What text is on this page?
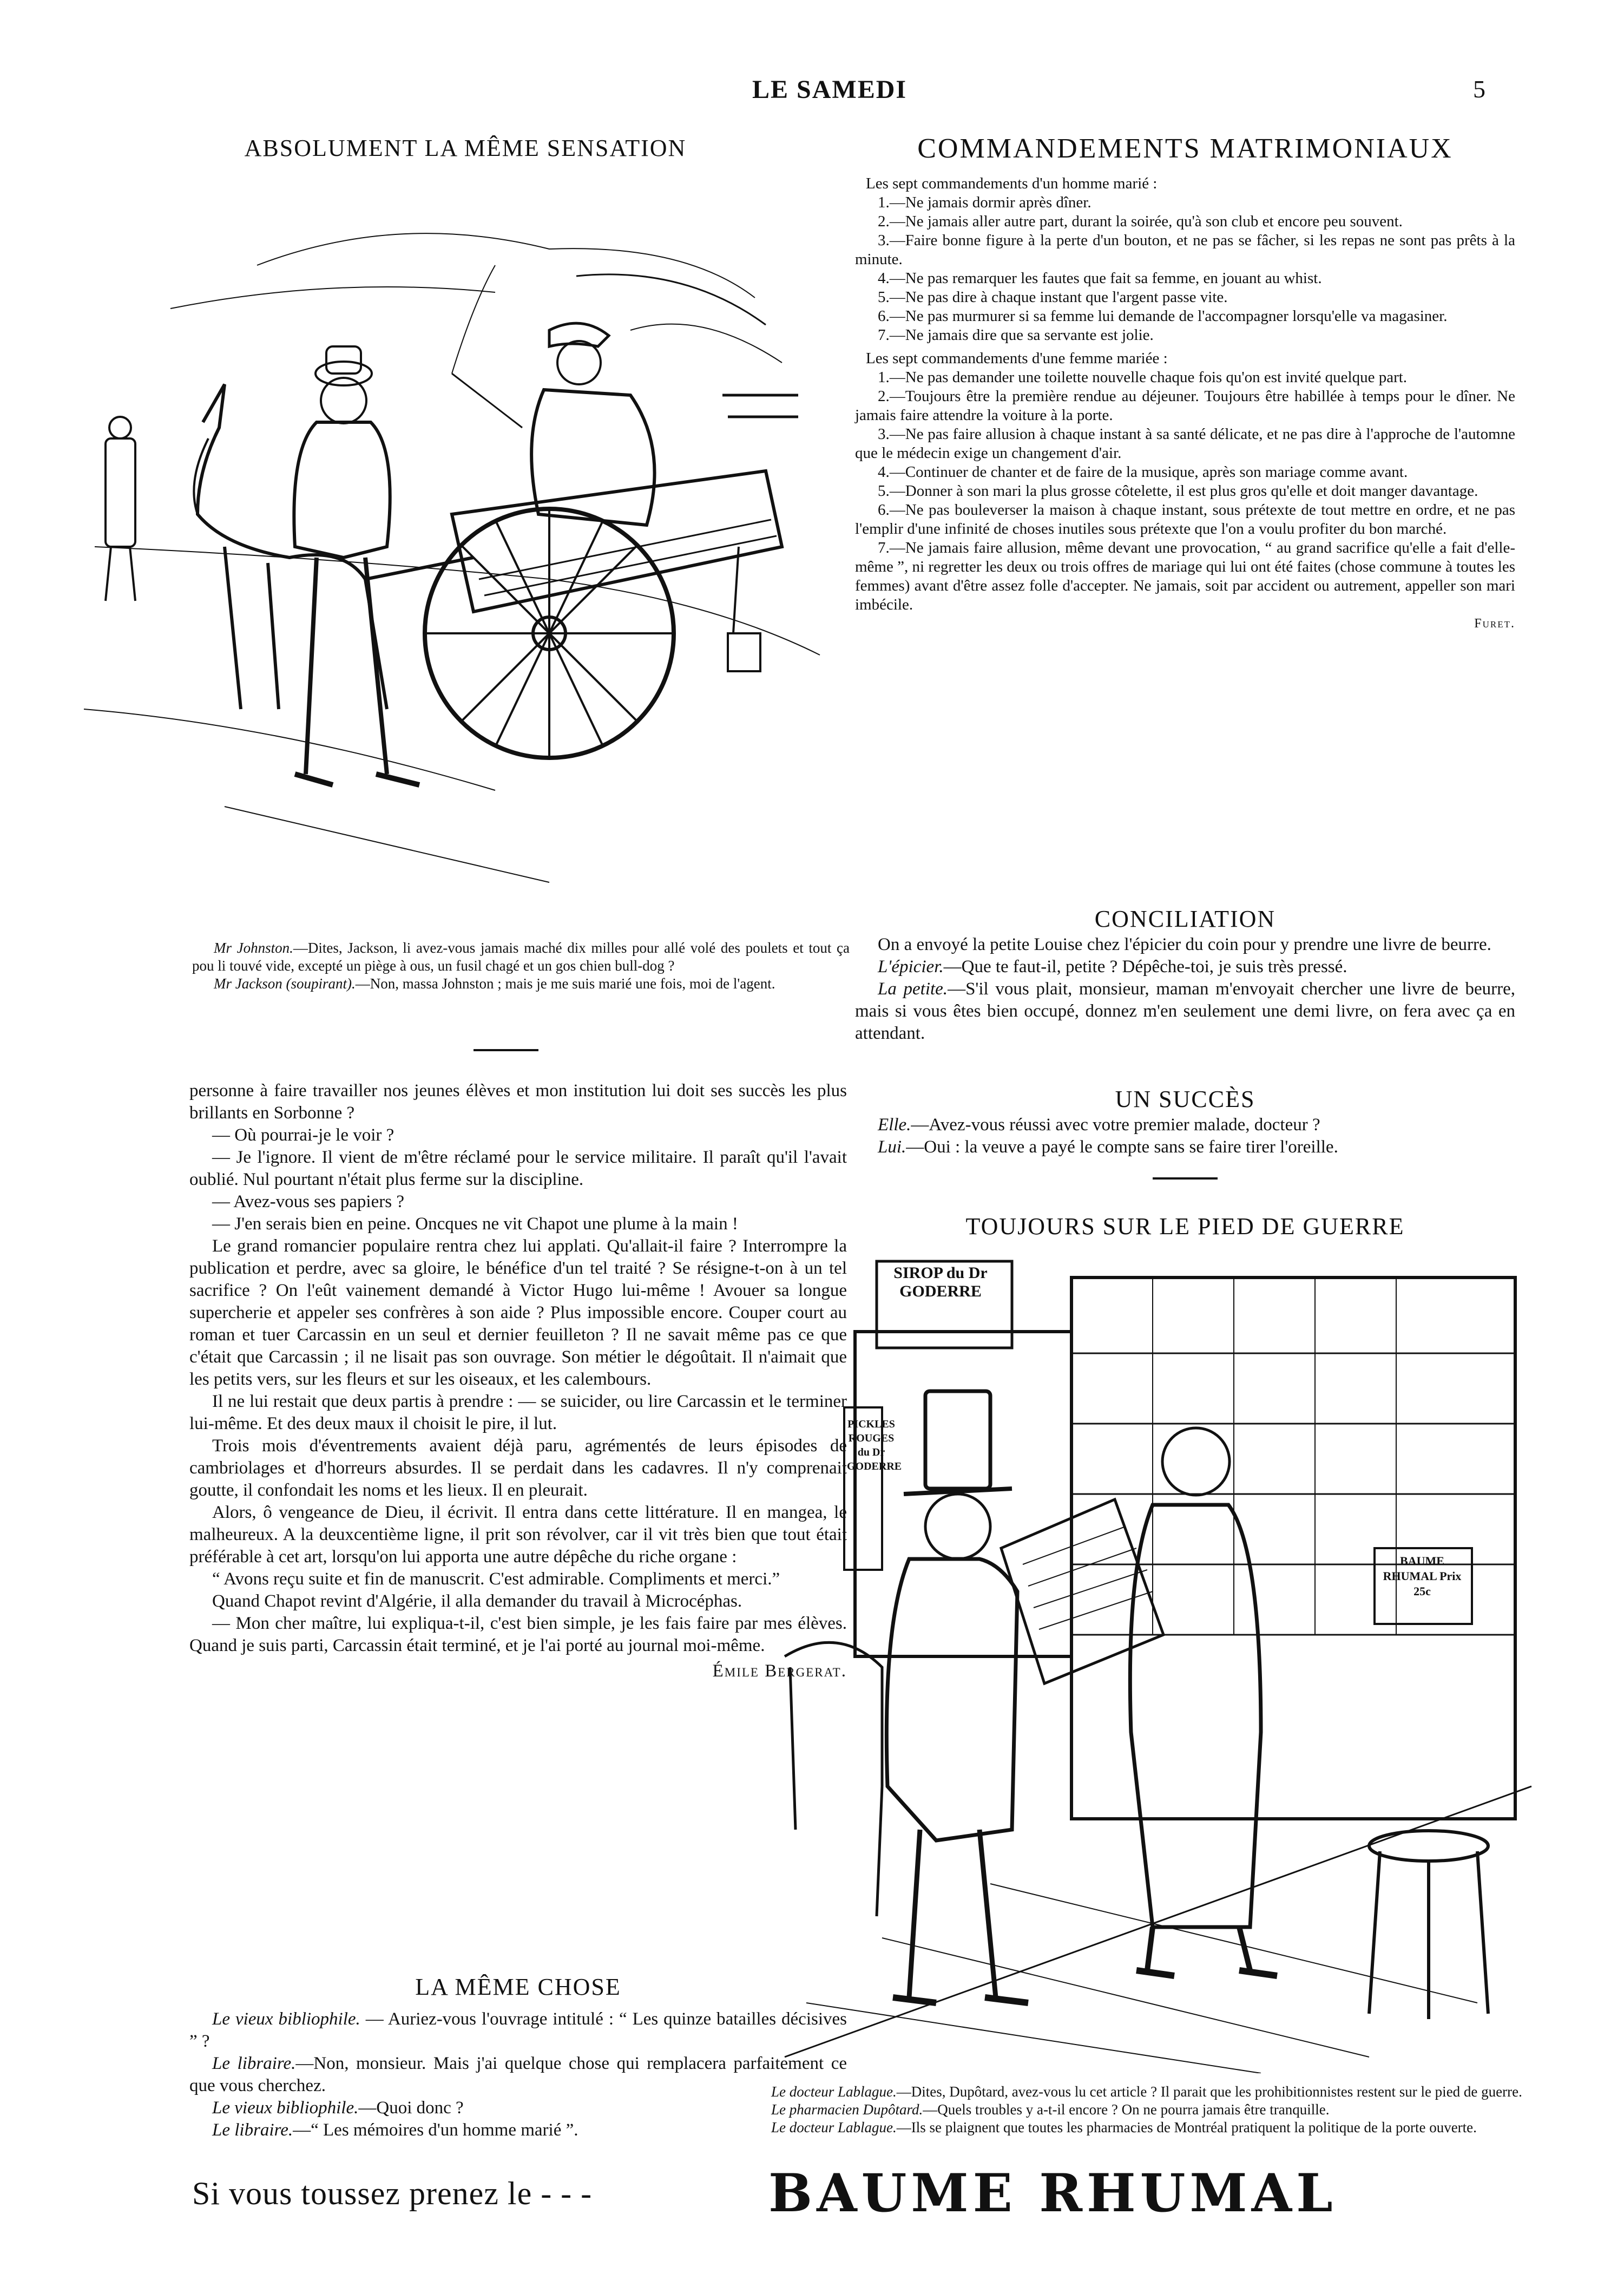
LE SAMEDI	5
ABSOLUMENT LA MÊME SENSATION

Mr Johnston.—Dites, Jackson, li avez-vous jamais maché dix milles pour allé volé des poulets et tout ça pou li touvé vide, excepté un piège à ous, un fusil chagé et un gos chien bull-dog ?

Mr Jackson (soupirant).—Non, massa Johnston ; mais je me suis marié une fois, moi de l'agent.

personne à faire travailler nos jeunes élèves et mon institution lui doit ses succès les plus brillants en Sorbonne ?

— Où pourrai-je le voir ?

— Je l'ignore. Il vient de m'être réclamé pour le service militaire. Il paraît qu'il l'avait oublié. Nul pourtant n'était plus ferme sur la discipline.

— Avez-vous ses papiers ?

— J'en serais bien en peine. Oncques ne vit Chapot une plume à la main !

Le grand romancier populaire rentra chez lui applati. Qu'allait-il faire ? Interrompre la publication et perdre, avec sa gloire, le bénéfice d'un tel traité ? Se résigne-t-on à un tel sacrifice ? On l'eût vainement demandé à Victor Hugo lui-même ! Avouer sa longue supercherie et appeler ses confrères à son aide ? Plus impossible encore. Couper court au roman et tuer Carcassin en un seul et dernier feuilleton ? Il ne savait même pas ce que c'était que Carcassin ; il ne lisait pas son ouvrage. Son métier le dégoûtait. Il n'aimait que les petits vers, sur les fleurs et sur les oiseaux, et les calembours.

Il ne lui restait que deux partis à prendre : — se suicider, ou lire Carcassin et le terminer lui-même. Et des deux maux il choisit le pire, il lut.

Trois mois d'éventrements avaient déjà paru, agrémentés de leurs épisodes de cambriolages et d'horreurs absurdes. Il se perdait dans les cadavres. Il n'y comprenait goutte, il confondait les noms et les lieux. Il en pleurait.

Alors, ô vengeance de Dieu, il écrivit. Il entra dans cette littérature. Il en mangea, le malheureux. A la deuxcentième ligne, il prit son révolver, car il vit très bien que tout était préférable à cet art, lorsqu'on lui apporta une autre dépêche du riche organe :

“ Avons reçu suite et fin de manuscrit. C'est admirable. Compliments et merci.”

Quand Chapot revint d'Algérie, il alla demander du travail à Microcéphas.

— Mon cher maître, lui expliqua-t-il, c'est bien simple, je les fais faire par mes élèves. Quand je suis parti, Carcassin était terminé, et je l'ai porté au journal moi-même.

Émile Bergerat.

LA MÊME CHOSE

Le vieux bibliophile. — Auriez-vous l'ouvrage intitulé : “ Les quinze batailles décisives ” ?

Le libraire.—Non, monsieur. Mais j'ai quelque chose qui remplacera parfaitement ce que vous cherchez.

Le vieux bibliophile.—Quoi donc ?

Le libraire.—“ Les mémoires d'un homme marié ”.

COMMANDEMENTS MATRIMONIAUX

Les sept commandements d'un homme marié :

1.—Ne jamais dormir après dîner.

2.—Ne jamais aller autre part, durant la soirée, qu'à son club et encore peu souvent.

3.—Faire bonne figure à la perte d'un bouton, et ne pas se fâcher, si les repas ne sont pas prêts à la minute.

4.—Ne pas remarquer les fautes que fait sa femme, en jouant au whist.

5.—Ne pas dire à chaque instant que l'argent passe vite.

6.—Ne pas murmurer si sa femme lui demande de l'accompagner lorsqu'elle va magasiner.

7.—Ne jamais dire que sa servante est jolie.

Les sept commandements d'une femme mariée :

1.—Ne pas demander une toilette nouvelle chaque fois qu'on est invité quelque part.

2.—Toujours être la première rendue au déjeuner. Toujours être habillée à temps pour le dîner. Ne jamais faire attendre la voiture à la porte.

3.—Ne pas faire allusion à chaque instant à sa santé délicate, et ne pas dire à l'approche de l'automne que le médecin exige un changement d'air.

4.—Continuer de chanter et de faire de la musique, après son mariage comme avant.

5.—Donner à son mari la plus grosse côtelette, il est plus gros qu'elle et doit manger davantage.

6.—Ne pas bouleverser la maison à chaque instant, sous prétexte de tout mettre en ordre, et ne pas l'emplir d'une infinité de choses inutiles sous prétexte que l'on a voulu profiter du bon marché.

7.—Ne jamais faire allusion, même devant une provocation, “ au grand sacrifice qu'elle a fait d'elle-même ”, ni regretter les deux ou trois offres de mariage qui lui ont été faites (chose commune à toutes les femmes) avant d'être assez folle d'accepter. Ne jamais, soit par accident ou autrement, appeller son mari imbécile.

Furet.

CONCILIATION

On a envoyé la petite Louise chez l'épicier du coin pour y prendre une livre de beurre.

L'épicier.—Que te faut-il, petite ? Dépêche-toi, je suis très pressé.

La petite.—S'il vous plait, monsieur, maman m'envoyait chercher une livre de beurre, mais si vous êtes bien occupé, donnez m'en seulement une demi livre, on fera avec ça en attendant.

UN SUCCÈS

Elle.—Avez-vous réussi avec votre premier malade, docteur ?

Lui.—Oui : la veuve a payé le compte sans se faire tirer l'oreille.

TOUJOURS SUR LE PIED DE GUERRE
SIROP du Dr GODERRE
PICKLES ROUGES du Dr GODERRE
BAUME RHUMAL Prix 25c

Le docteur Lablague.—Dites, Dupôtard, avez-vous lu cet article ? Il parait que les prohibitionnistes restent sur le pied de guerre.

Le pharmacien Dupôtard.—Quels troubles y a-t-il encore ? On ne pourra jamais être tranquille.

Le docteur Lablague.—Ils se plaignent que toutes les pharmacies de Montréal pratiquent la politique de la porte ouverte.

Si vous toussez prenez le - - -	BAUME RHUMAL
